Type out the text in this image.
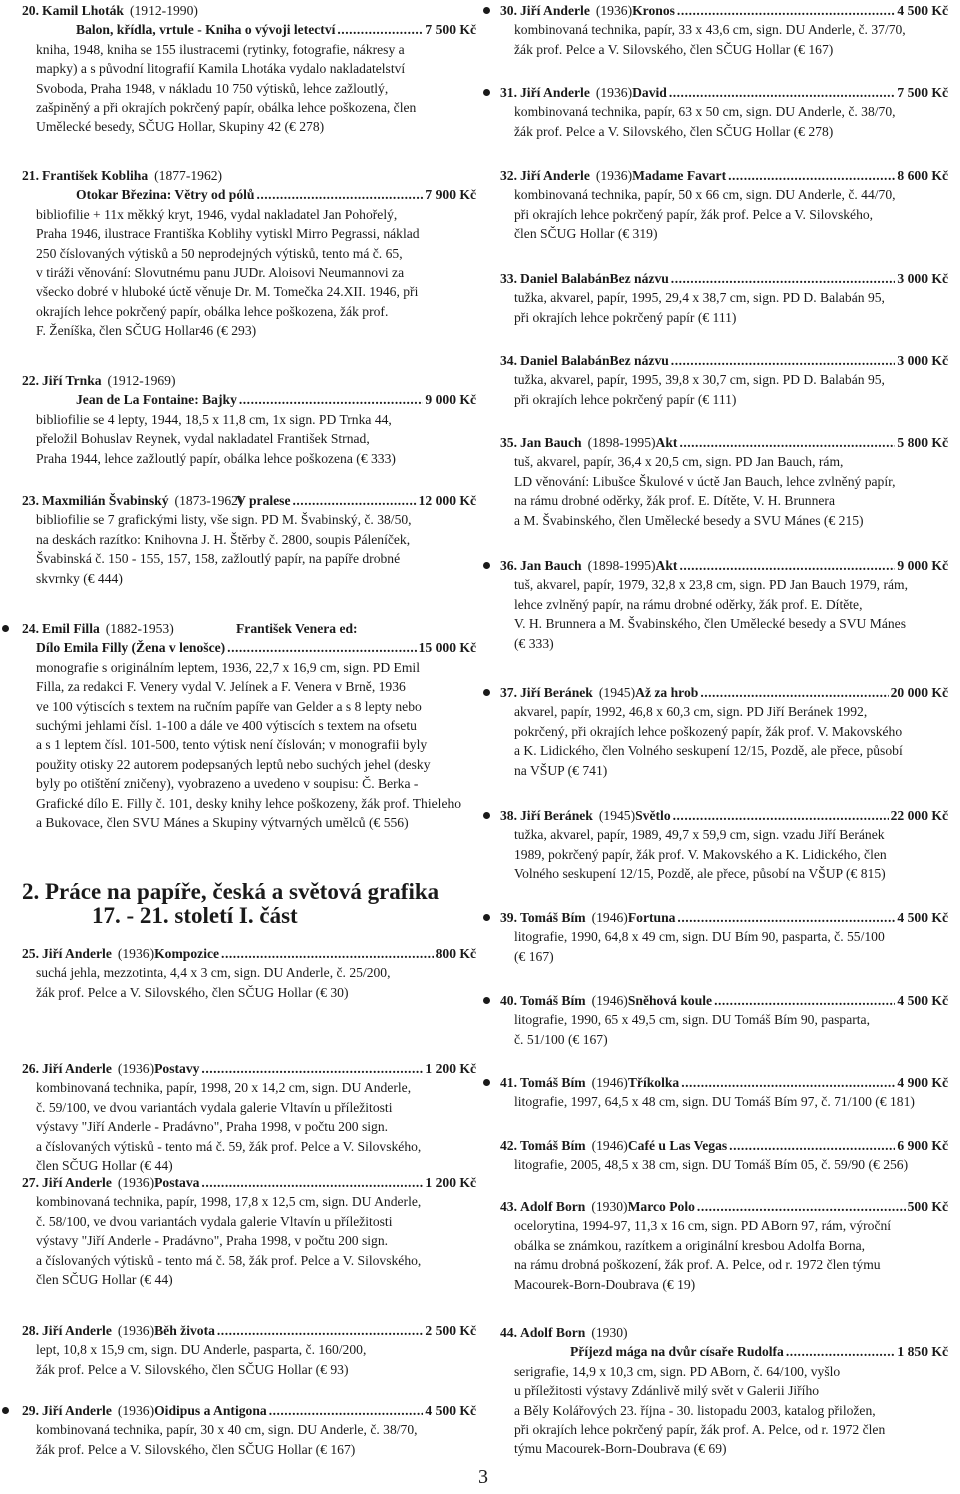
20. Kamil Lhoták (1912-1990)
Balon, křídla, vrtule - Kniha o vývoji letectví .....	7 500 Kč
kniha, 1948, kniha se 155 ilustracemi (rytinky, fotografie, nákresy a
mapky) a s původní litografií Kamila Lhotáka vydalo nakladatelství
Svoboda, Praha 1948, v nákladu 10 750 výtisků, lehce zažloutlý,
zašpiněný a při okrajích pokrčený papír, obálka lehce poškozena, člen
Umělecké besedy, SČUG Hollar, Skupiny 42 (€ 278)
21. František Kobliha (1877-1962)
Otokar Březina: Větry od pólů .....	7 900 Kč
bibliofilie + 11x měkký kryt, 1946, vydal nakladatel Jan Pohořelý,
Praha 1946, ilustrace Františka Koblihy vytiskl Mirro Pegrassi, náklad
250 číslovaných výtisků a 50 neprodejných výtisků, tento má č. 65,
v tiráži věnování: Slovutnému panu JUDr. Aloisovi Neumannovi za
všecko dobré v hluboké úctě věnuje Dr. M. Tomečka 24.XII. 1946, při
okrajích lehce pokrčený papír, obálka lehce poškozena, žák prof.
F. Ženíška, člen SČUG Hollar46 (€ 293)
22. Jiří Trnka (1912-1969)
Jean de La Fontaine: Bajky .....	9 000 Kč
bibliofilie se 4 lepty, 1944, 18,5 x 11,8 cm, 1x sign. PD Trnka 44,
přeložil Bohuslav Reynek, vydal nakladatel František Strnad,
Praha 1944, lehce zažloutlý papír, obálka lehce poškozena (€ 333)
23. Maxmilián Švabinský (1873-1962)
V pralese .....	12 000 Kč
bibliofilie se 7 grafickými listy, vše sign. PD M. Švabinský, č. 38/50,
na deskách razítko: Knihovna J. H. Štěrby č. 2800, soupis Páleníček,
Švabinská č. 150 - 155, 157, 158, zažloutlý papír, na papíře drobné
skvrnky (€ 444)
24. Emil Filla (1882-1953)	František Venera ed:
Dílo Emila Filly (Žena v lenošce) .....	15 000 Kč
monografie s originálním leptem, 1936, 22,7 x 16,9 cm, sign. PD Emil
Filla, za redakci F. Venery vydal V. Jelínek a F. Venera v Brně, 1936
ve 100 výtiscích s textem na ručním papíře van Gelder a s 8 lepty nebo
suchými jehlami čísl. 1-100 a dále ve 400 výtiscích s textem na ofsetu
a s 1 leptem čísl. 101-500, tento výtisk není číslován; v monografii byly
použity otisky 22 autorem podepsaných leptů nebo suchých jehel (desky
byly po otištění zničeny), vyobrazeno a uvedeno v soupisu: Č. Berka -
Grafické dílo E. Filly č. 101, desky knihy lehce poškozeny, žák prof. Thieleho
a Bukovace, člen SVU Mánes a Skupiny výtvarných umělců (€ 556)
25. Jiří Anderle (1936) Kompozice .....	800 Kč
suchá jehla, mezzotinta, 4,4 x 3 cm, sign. DU Anderle, č. 25/200,
žák prof. Pelce a V. Silovského, člen SČUG Hollar (€ 30)
26. Jiří Anderle (1936) Postavy .....	1 200 Kč
kombinovaná technika, papír, 1998, 20 x 14,2 cm, sign. DU Anderle,
č. 59/100, ve dvou variantách vydala galerie Vltavín u příležitosti
výstavy "Jiří Anderle - Pradávno", Praha 1998, v počtu 200 sign.
a číslovaných výtisků - tento má č. 59, žák prof. Pelce a V. Silovského,
člen SČUG Hollar (€ 44)
27. Jiří Anderle (1936) Postava .....	1 200 Kč
kombinovaná technika, papír, 1998, 17,8 x 12,5 cm, sign. DU Anderle,
č. 58/100, ve dvou variantách vydala galerie Vltavín u příležitosti
výstavy "Jiří Anderle - Pradávno", Praha 1998, v počtu 200 sign.
a číslovaných výtisků - tento má č. 58, žák prof. Pelce a V. Silovského,
člen SČUG Hollar (€ 44)
28. Jiří Anderle (1936) Běh života .....	2 500 Kč
lept, 10,8 x 15,9 cm, sign. DU Anderle, pasparta, č. 160/200,
žák prof. Pelce a V. Silovského, člen SČUG Hollar (€ 93)
29. Jiří Anderle (1936) Oidipus a Antigona .....	4 500 Kč
kombinovaná technika, papír, 30 x 40 cm, sign. DU Anderle, č. 38/70,
žák prof. Pelce a V. Silovského, člen SČUG Hollar (€ 167)
30. Jiří Anderle (1936) Kronos .....	4 500 Kč
kombinovaná technika, papír, 33 x 43,6 cm, sign. DU Anderle, č. 37/70,
žák prof. Pelce a V. Silovského, člen SČUG Hollar (€ 167)
31. Jiří Anderle (1936) David .....	7 500 Kč
kombinovaná technika, papír, 63 x 50 cm, sign. DU Anderle, č. 38/70,
žák prof. Pelce a V. Silovského, člen SČUG Hollar (€ 278)
32. Jiří Anderle (1936) Madame Favart .....	8 600 Kč
kombinovaná technika, papír, 50 x 66 cm, sign. DU Anderle, č. 44/70,
při okrajích lehce pokrčený papír, žák prof. Pelce a V. Silovského,
člen SČUG Hollar (€ 319)
33. Daniel Balabán Bez názvu .....	3 000 Kč
tužka, akvarel, papír, 1995, 29,4 x 38,7 cm, sign. PD D. Balabán 95,
při okrajích lehce pokrčený papír (€ 111)
34. Daniel Balabán Bez názvu .....	3 000 Kč
tužka, akvarel, papír, 1995, 39,8 x 30,7 cm, sign. PD D. Balabán 95,
při okrajích lehce pokrčený papír (€ 111)
35. Jan Bauch (1898-1995) Akt .....	5 800 Kč
tuš, akvarel, papír, 36,4 x 20,5 cm, sign. PD Jan Bauch, rám,
LD věnování: Libušce Škulové v úctě Jan Bauch, lehce zvlněný papír,
na rámu drobné oděrky, žák prof. E. Dítěte, V. H. Brunnera
a M. Švabinského, člen Umělecké besedy a SVU Mánes (€ 215)
36. Jan Bauch (1898-1995) Akt .....	9 000 Kč
tuš, akvarel, papír, 1979, 32,8 x 23,8 cm, sign. PD Jan Bauch 1979, rám,
lehce zvlněný papír, na rámu drobné oděrky, žák prof. E. Dítěte,
V. H. Brunnera a M. Švabinského, člen Umělecké besedy a SVU Mánes
(€ 333)
37. Jiří Beránek (1945) Až za hrob .....	20 000 Kč
akvarel, papír, 1992, 46,8 x 60,3 cm, sign. PD Jiří Beránek 1992,
pokrčený, při okrajích lehce poškozený papír, žák prof. V. Makovského
a K. Lidického, člen Volného seskupení 12/15, Pozdě, ale přece, působí
na VŠUP (€ 741)
38. Jiří Beránek (1945) Světlo .....	22 000 Kč
tužka, akvarel, papír, 1989, 49,7 x 59,9 cm, sign. vzadu Jiří Beránek
1989, pokrčený papír, žák prof. V. Makovského a K. Lidického, člen
Volného seskupení 12/15, Pozdě, ale přece, působí na VŠUP (€ 815)
39. Tomáš Bím (1946) Fortuna .....	4 500 Kč
litografie, 1990, 64,8 x 49 cm, sign. DU Bím 90, pasparta, č. 55/100
(€ 167)
40. Tomáš Bím (1946) Sněhová koule .....	4 500 Kč
litografie, 1990, 65 x 49,5 cm, sign. DU Tomáš Bím 90, pasparta,
č. 51/100 (€ 167)
41. Tomáš Bím (1946) Tříkolka .....	4 900 Kč
litografie, 1997, 64,5 x 48 cm, sign. DU Tomáš Bím 97, č. 71/100 (€ 181)
42. Tomáš Bím (1946) Café u Las Vegas .....	6 900 Kč
litografie, 2005, 48,5 x 38 cm, sign. DU Tomáš Bím 05, č. 59/90 (€ 256)
43. Adolf Born (1930) Marco Polo .....	500 Kč
ocelorytina, 1994-97, 11,3 x 16 cm, sign. PD ABorn 97, rám, výroční
obálka se známkou, razítkem a originální kresbou Adolfa Borna,
na rámu drobná poškození, žák prof. A. Pelce, od r. 1972 člen týmu
Macourek-Born-Doubrava (€ 19)
44. Adolf Born (1930)
Příjezd mága na dvůr císaře Rudolfa .....	1 850 Kč
serigrafie, 14,9 x 10,3 cm, sign. PD ABorn, č. 64/100, vyšlo
u příležitosti výstavy Zdánlivě milý svět v Galerii Jiřího
a Běly Kolářových 23. října - 30. listopadu 2003, katalog přiložen,
při okrajích lehce pokrčený papír, žák prof. A. Pelce, od r. 1972 člen
týmu Macourek-Born-Doubrava (€ 69)
2. Práce na papíře, česká a světová grafika
17. - 21. století I. část
3
